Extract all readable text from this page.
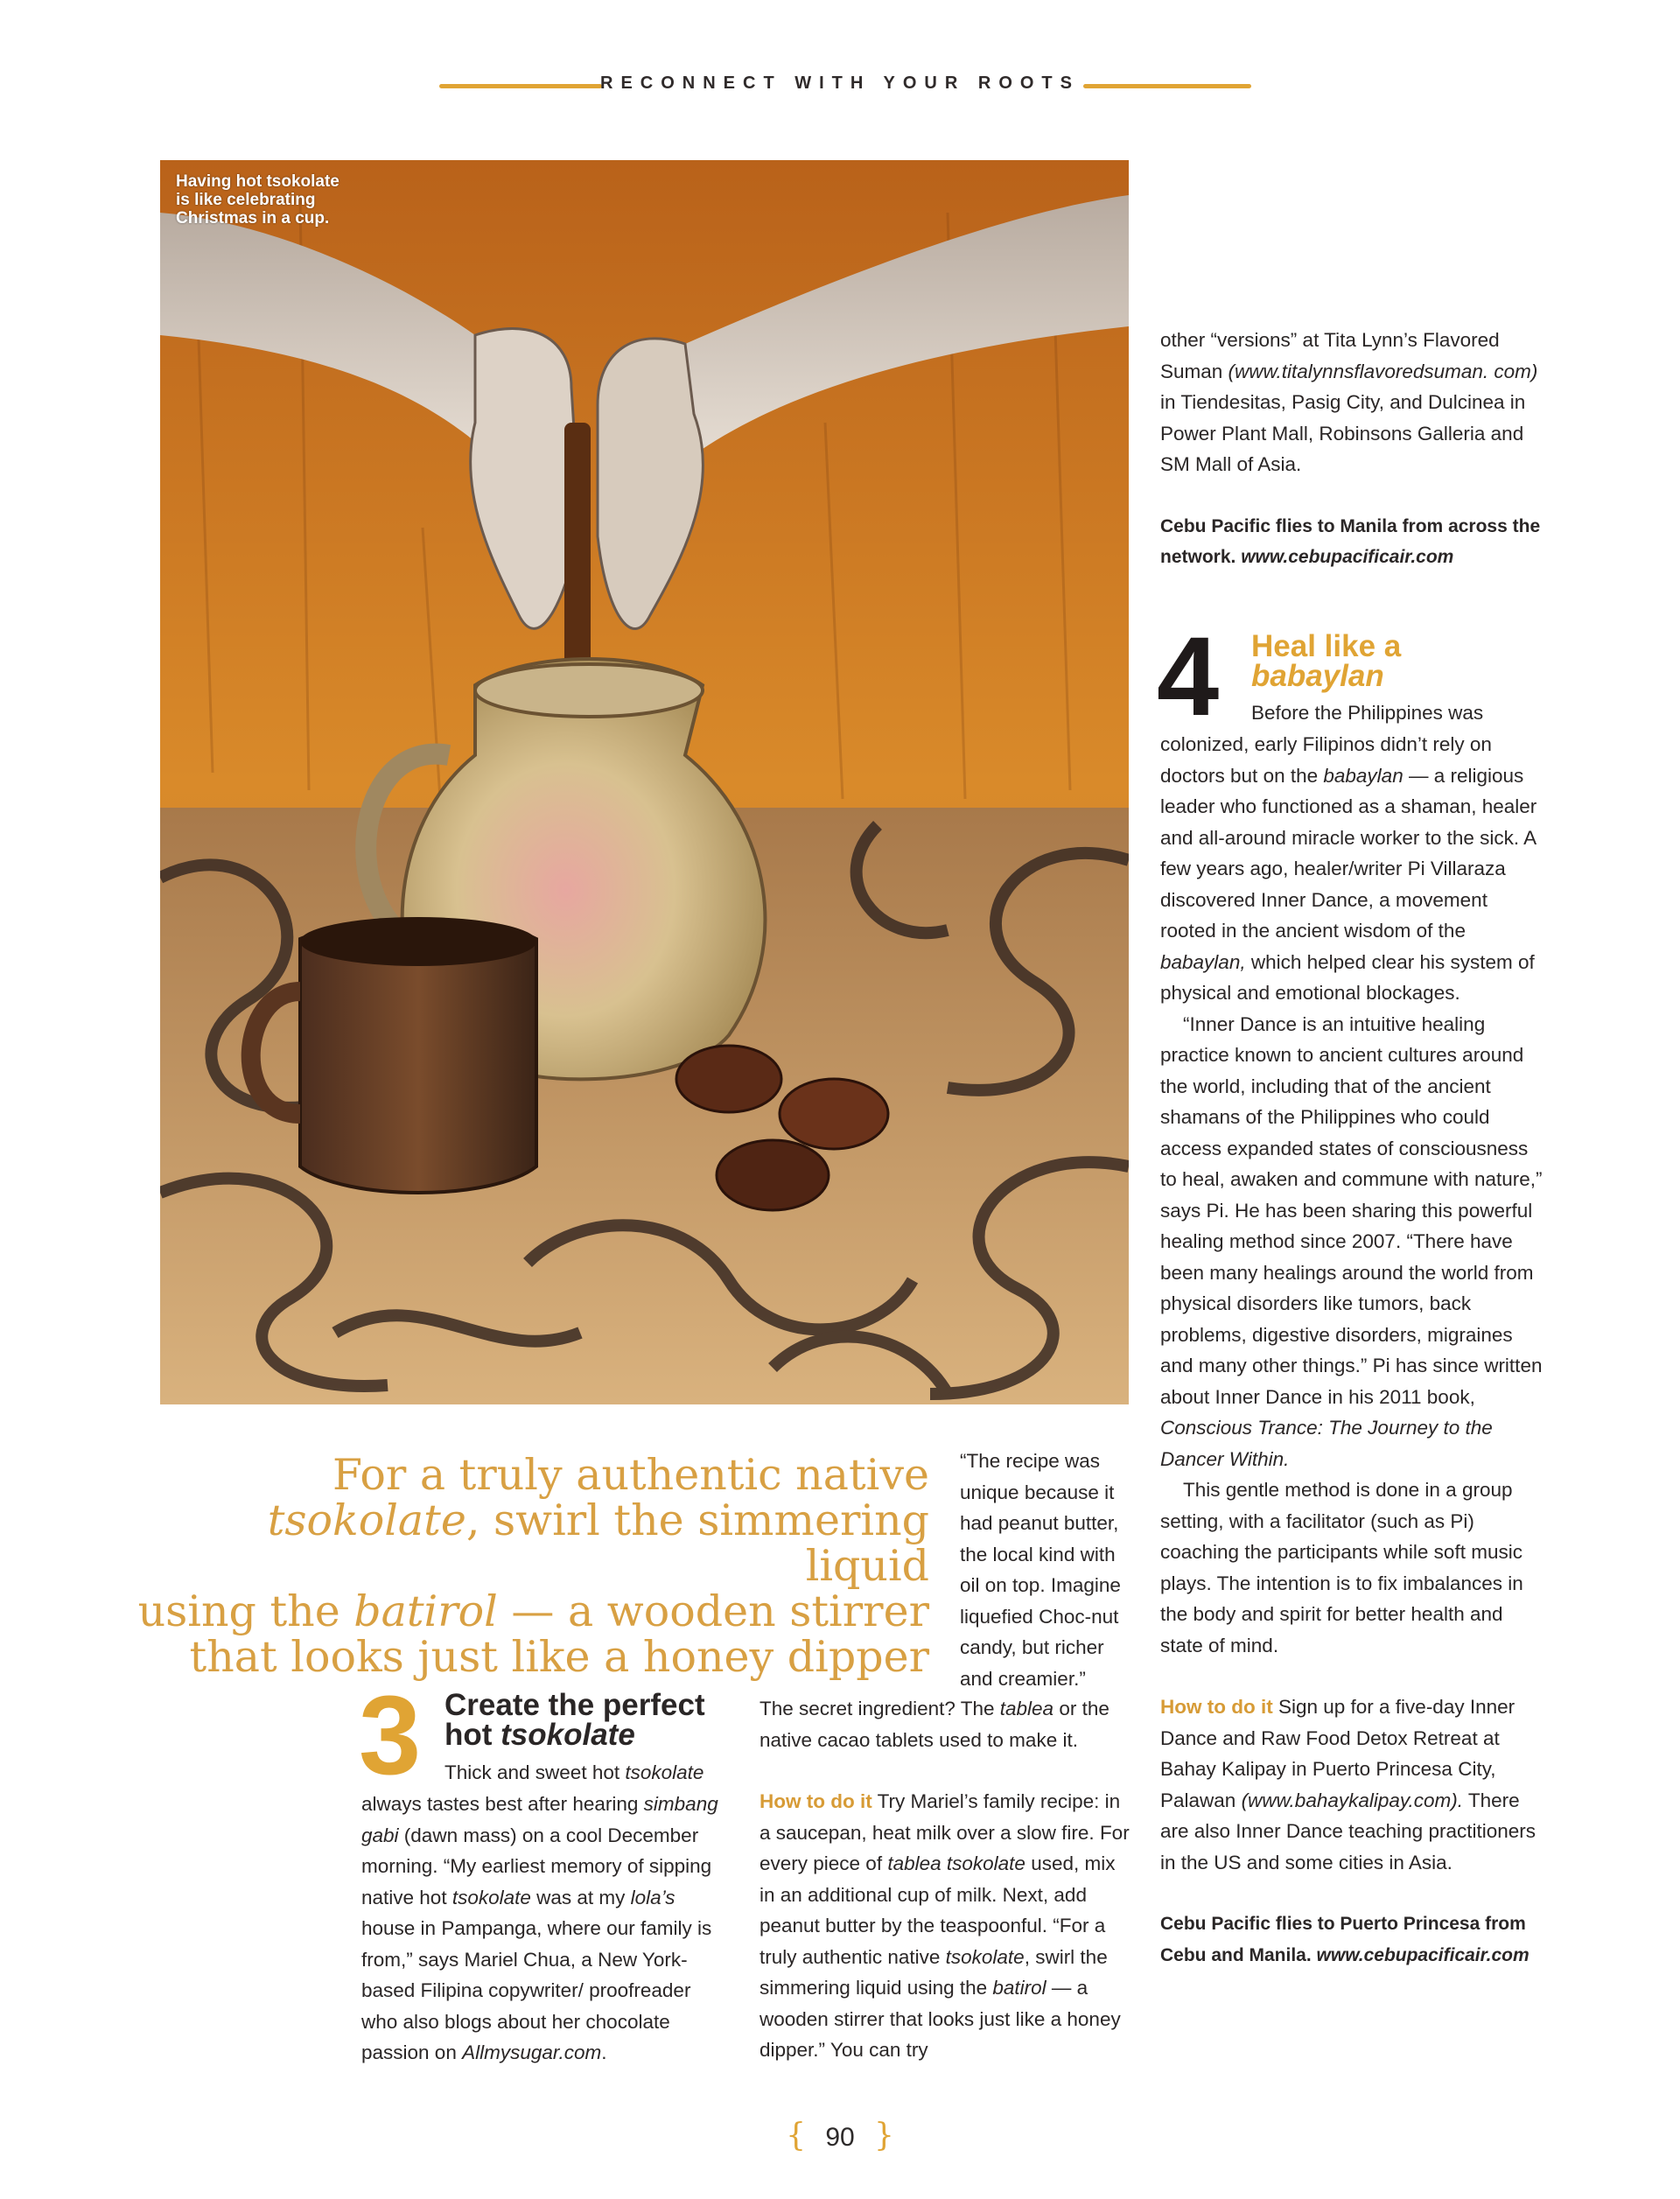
RECONNECT WITH YOUR ROOTS
Having hot tsokolate
is like celebrating
Christmas in a cup.
For a truly authentic native
tsokolate, swirl the simmering liquid
using the batirol — a wooden stirrer
that looks just like a honey dipper
3 Create the perfect
hot tsokolate
Thick and sweet hot tsokolate

always tastes best after hearing simbang gabi (dawn mass) on a cool December morning. “My earliest memory of sipping native hot tsokolate was at my lola’s house in Pampanga, where our family is from,” says Mariel Chua, a New York-based Filipina copywriter/ proofreader who also blogs about her chocolate passion on Allmysugar.com.

“The recipe was unique because it had peanut butter, the local kind with oil on top. Imagine liquefied Choc-nut candy, but richer and creamier.”

The secret ingredient? The tablea or the native cacao tablets used to make it.

How to do it Try Mariel’s family recipe: in a saucepan, heat milk over a slow fire. For every piece of tablea tsokolate used, mix in an additional cup of milk. Next, add peanut butter by the teaspoonful. “For a truly authentic native tsokolate, swirl the simmering liquid using the batirol — a wooden stirrer that looks just like a honey dipper.” You can try

other “versions” at Tita Lynn’s Flavored Suman (www.titalynnsflavoredsuman. com) in Tiendesitas, Pasig City, and Dulcinea in Power Plant Mall, Robinsons Galleria and SM Mall of Asia.

Cebu Pacific flies to Manila from across the network. www.cebupacificair.com

4 Heal like a
babaylan
Before the Philippines was

colonized, early Filipinos didn’t rely on doctors but on the babaylan — a religious leader who functioned as a shaman, healer and all-around miracle worker to the sick. A few years ago, healer/writer Pi Villaraza discovered Inner Dance, a movement rooted in the ancient wisdom of the babaylan, which helped clear his system of physical and emotional blockages.

“Inner Dance is an intuitive healing practice known to ancient cultures around the world, including that of the ancient shamans of the Philippines who could access expanded states of consciousness to heal, awaken and commune with nature,” says Pi. He has been sharing this powerful healing method since 2007. “There have been many healings around the world from physical disorders like tumors, back problems, digestive disorders, migraines and many other things.” Pi has since written about Inner Dance in his 2011 book, Conscious Trance: The Journey to the Dancer Within.

This gentle method is done in a group setting, with a facilitator (such as Pi) coaching the participants while soft music plays. The intention is to fix imbalances in the body and spirit for better health and state of mind.

How to do it Sign up for a five-day Inner Dance and Raw Food Detox Retreat at Bahay Kalipay in Puerto Princesa City, Palawan (www.bahaykalipay.com). There are also Inner Dance teaching practitioners in the US and some cities in Asia.

Cebu Pacific flies to Puerto Princesa from Cebu and Manila. www.cebupacificair.com

{ 90 }
